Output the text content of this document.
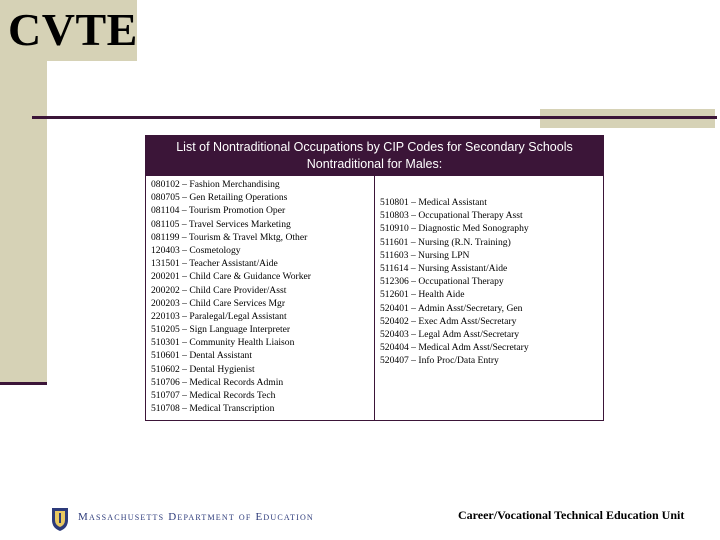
CVTE
List of Nontraditional Occupations by CIP Codes for Secondary Schools
Nontraditional for Males:
080102 – Fashion Merchandising
080705 – Gen Retailing Operations
081104 – Tourism Promotion Oper
081105 – Travel Services Marketing
081199 – Tourism & Travel Mktg, Other
120403 – Cosmetology
131501 – Teacher Assistant/Aide
200201 – Child Care & Guidance Worker
200202 – Child Care Provider/Asst
200203 – Child Care Services Mgr
220103 – Paralegal/Legal Assistant
510205 – Sign Language Interpreter
510301 – Community Health Liaison
510601 – Dental Assistant
510602 – Dental Hygienist
510706 – Medical Records Admin
510707 – Medical Records Tech
510708 – Medical Transcription
510801 – Medical Assistant
510803 – Occupational Therapy Asst
510910 – Diagnostic Med Sonography
511601 – Nursing (R.N. Training)
511603 – Nursing LPN
511614 – Nursing Assistant/Aide
512306 – Occupational Therapy
512601 – Health Aide
520401 – Admin Asst/Secretary, Gen
520402 – Exec Adm Asst/Secretary
520403 – Legal Adm Asst/Secretary
520404 – Medical Adm Asst/Secretary
520407 – Info Proc/Data Entry
Massachusetts Department of Education	Career/Vocational Technical Education Unit
